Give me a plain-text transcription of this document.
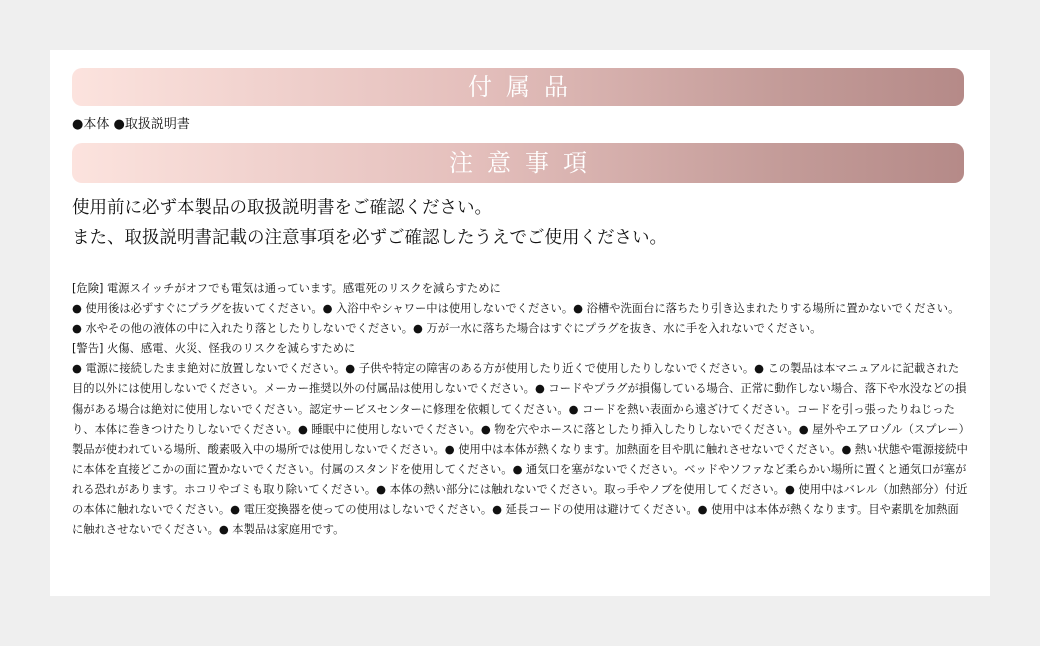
付属品
●本体 ●取扱説明書
注意事項
使用前に必ず本製品の取扱説明書をご確認ください。
また、取扱説明書記載の注意事項を必ずご確認したうえでご使用ください。

[危険] 電源スイッチがオフでも電気は通っています。感電死のリスクを減らすために

● 使用後は必ずすぐにプラグを抜いてください。● 入浴中やシャワー中は使用しないでください。● 浴槽や洗面台に落ちたり引き込まれたりする場所に置かないでください。● 水やその他の液体の中に入れたり落としたりしないでください。● 万が一水に落ちた場合はすぐにプラグを抜き、水に手を入れないでください。

[警告] 火傷、感電、火災、怪我のリスクを減らすために

● 電源に接続したまま絶対に放置しないでください。● 子供や特定の障害のある方が使用したり近くで使用したりしないでください。● この製品は本マニュアルに記載された目的以外には使用しないでください。メーカー推奨以外の付属品は使用しないでください。● コードやプラグが損傷している場合、正常に動作しない場合、落下や水没などの損傷がある場合は絶対に使用しないでください。認定サービスセンターに修理を依頼してください。● コードを熱い表面から遠ざけてください。コードを引っ張ったりねじったり、本体に巻きつけたりしないでください。● 睡眠中に使用しないでください。● 物を穴やホースに落としたり挿入したりしないでください。● 屋外やエアロゾル（スプレー）製品が使われている場所、酸素吸入中の場所では使用しないでください。● 使用中は本体が熱くなります。加熱面を目や肌に触れさせないでください。● 熱い状態や電源接続中に本体を直接どこかの面に置かないでください。付属のスタンドを使用してください。● 通気口を塞がないでください。ベッドやソファなど柔らかい場所に置くと通気口が塞がれる恐れがあります。ホコリやゴミも取り除いてください。● 本体の熱い部分には触れないでください。取っ手やノブを使用してください。● 使用中はバレル（加熱部分）付近の本体に触れないでください。● 電圧変換器を使っての使用はしないでください。● 延長コードの使用は避けてください。● 使用中は本体が熱くなります。目や素肌を加熱面に触れさせないでください。● 本製品は家庭用です。
